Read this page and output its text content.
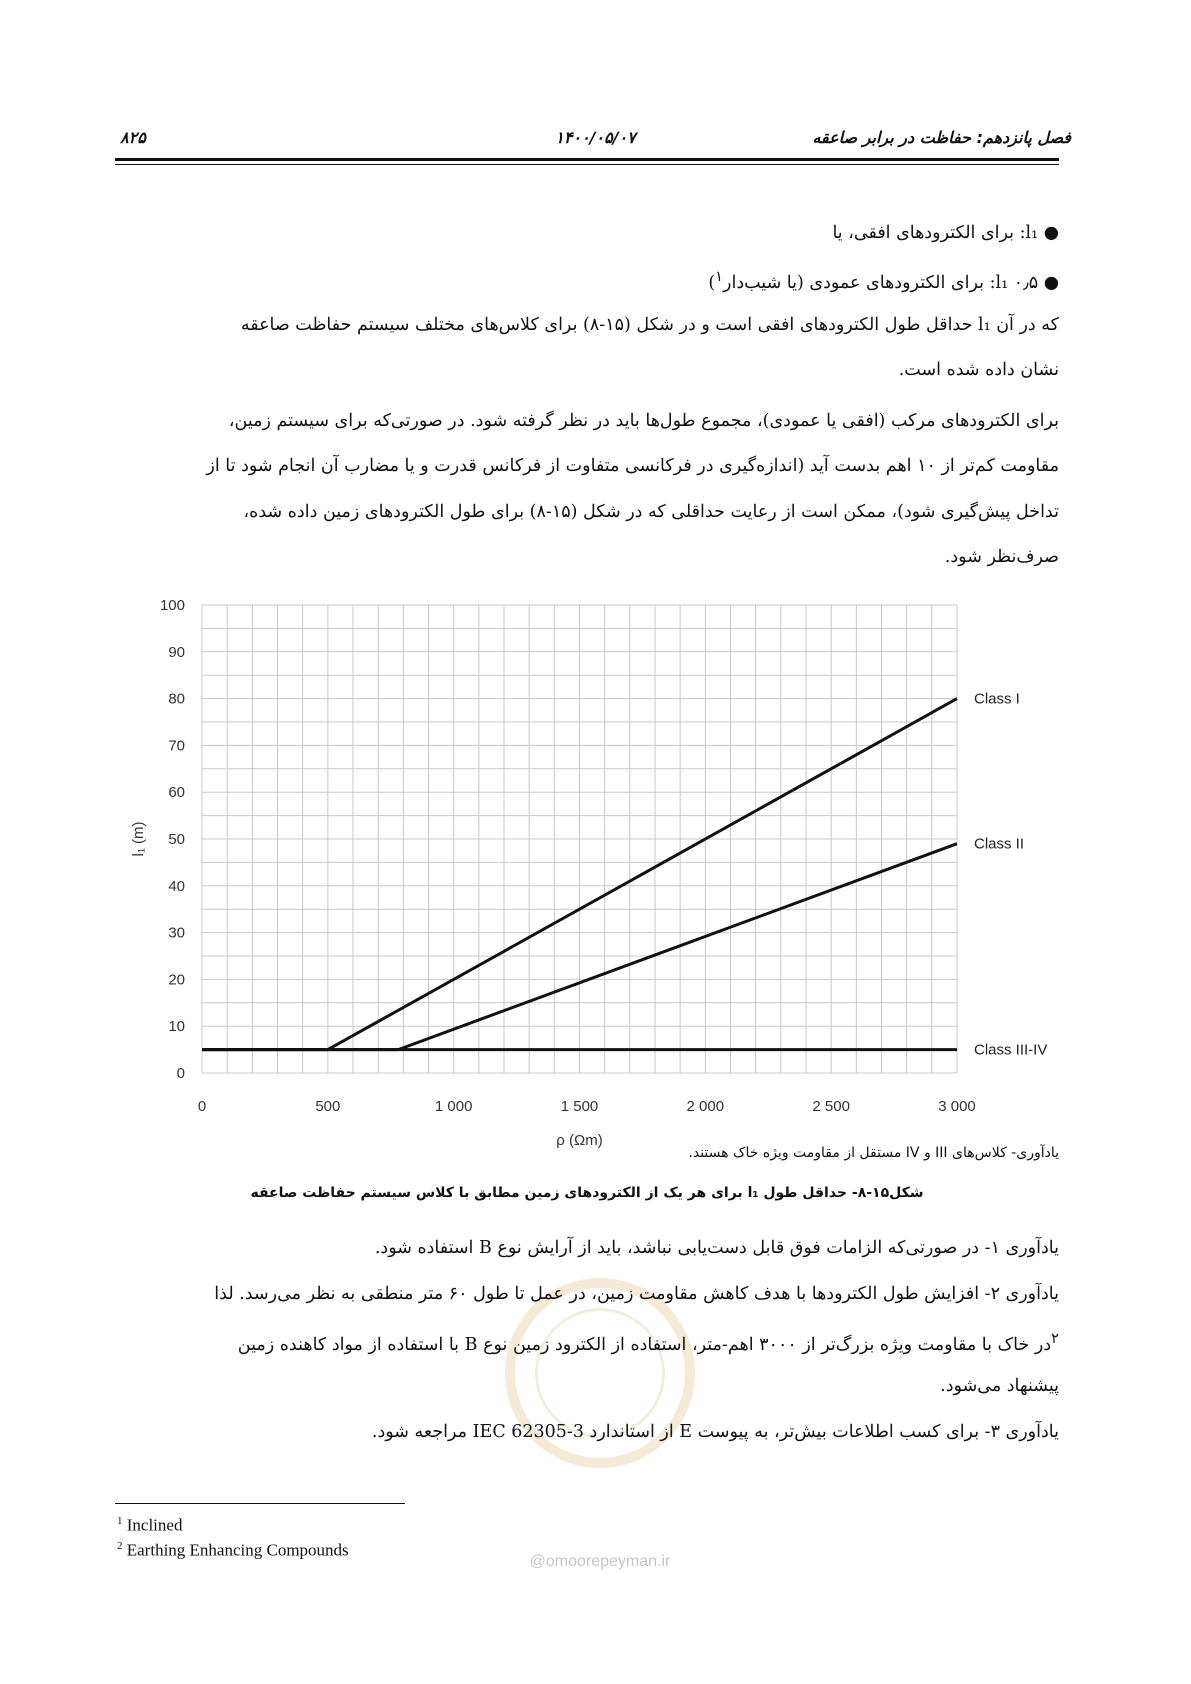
فصل پانزدهم: حفاظت در برابر صاعقه
۱۴۰۰/۰۵/۰۷
۸۲۵
● l₁: برای الکترودهای افقی، یا
● ۰٫۵ l₁: برای الکترودهای عمودی (یا شیب‌دار$^۱$)
که در آن l₁ حداقل طول الکترودهای افقی است و در شکل (۱۵-۸) برای کلاس‌های مختلف سیستم حفاظت صاعقه
نشان داده شده است.
برای الکترودهای مرکب (افقی یا عمودی)، مجموع طول‌ها باید در نظر گرفته شود. در صورتی‌که برای سیستم زمین،
مقاومت کم‌تر از ۱۰ اهم بدست آید (اندازه‌گیری در فرکانسی متفاوت از فرکانس قدرت و یا مضارب آن انجام شود تا از
تداخل پیش‌گیری شود)، ممکن است از رعایت حداقلی که در شکل (۱۵-۸) برای طول الکترودهای زمین داده شده،
صرف‌نظر شود.
0
10
20
30
40
50
60
70
80
90
100
0	500	1 000	1 500	2 000	2 500	3 000
ρ (Ωm)
l₁ (m)
Class I
Class II
Class III-IV
یادآوری- کلاس‌های III و IV مستقل از مقاومت ویژه خاک هستند.
شکل۱۵-۸- حداقل طول l₁ برای هر یک از الکترودهای زمین مطابق با کلاس سیستم حفاظت صاعقه
@omoorepeyman.ir
یادآوری ۱- در صورتی‌که الزامات فوق قابل دست‌یابی نباشد، باید از آرایش نوع B استفاده شود.
یادآوری ۲- افزایش طول الکترودها با هدف کاهش مقاومت زمین، در عمل تا طول ۶۰ متر منطقی به نظر می‌رسد. لذا
$^۲$در خاک با مقاومت ویژه بزرگ‌تر از ۳۰۰۰ اهم-متر، استفاده از الکترود زمین نوع B با استفاده از مواد کاهنده زمین
پیشنهاد می‌شود.
یادآوری ۳- برای کسب اطلاعات بیش‌تر، به پیوست E از استاندارد IEC 62305-3 مراجعه شود.
$^1$ Inclined
$^2$ Earthing Enhancing Compounds
